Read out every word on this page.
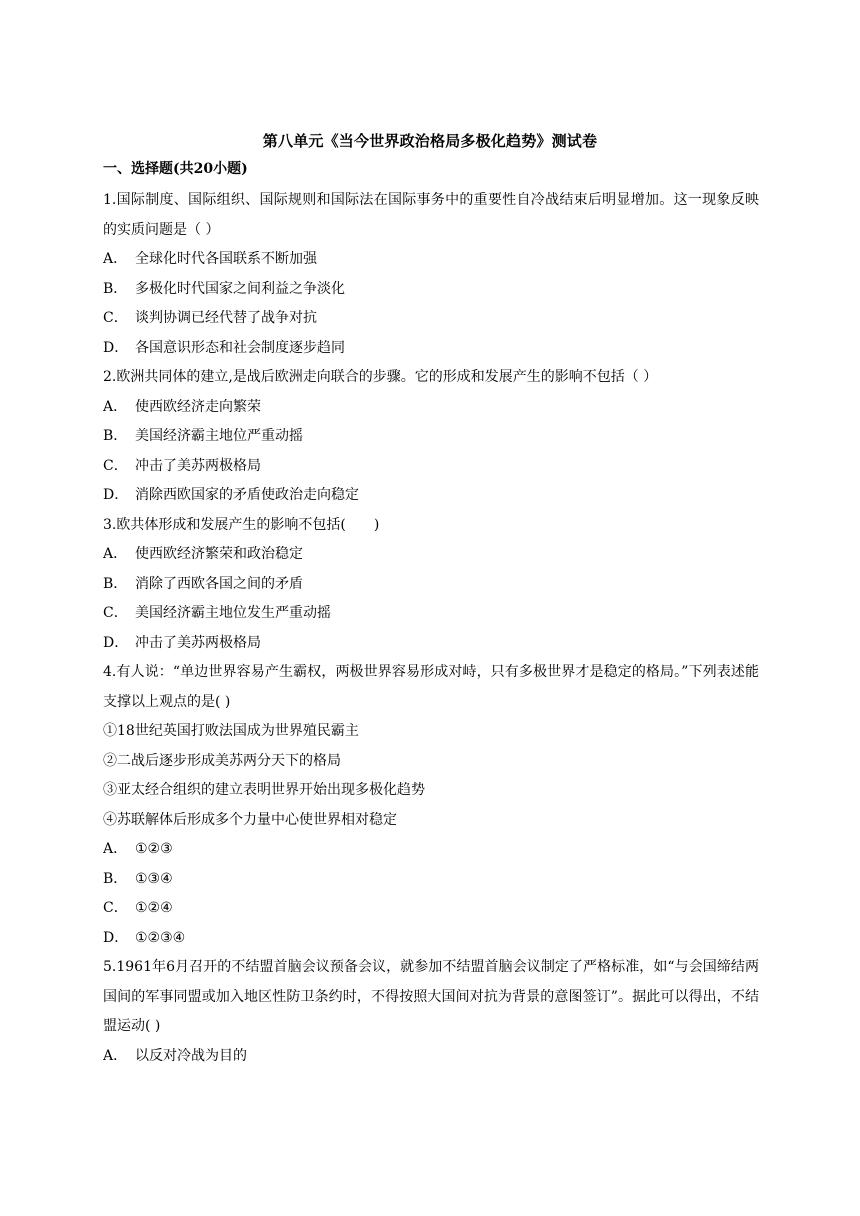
第八单元《当今世界政治格局多极化趋势》测试卷
一、选择题(共20小题)
1.国际制度、国际组织、国际规则和国际法在国际事务中的重要性自冷战结束后明显增加。这一现象反映的实质问题是（ ）
A． 全球化时代各国联系不断加强
B． 多极化时代国家之间利益之争淡化
C． 谈判协调已经代替了战争对抗
D． 各国意识形态和社会制度逐步趋同
2.欧洲共同体的建立,是战后欧洲走向联合的步骤。它的形成和发展产生的影响不包括（ ）
A． 使西欧经济走向繁荣
B． 美国经济霸主地位严重动摇
C． 冲击了美苏两极格局
D． 消除西欧国家的矛盾使政治走向稳定
3.欧共体形成和发展产生的影响不包括(　　)
A． 使西欧经济繁荣和政治稳定
B． 消除了西欧各国之间的矛盾
C． 美国经济霸主地位发生严重动摇
D． 冲击了美苏两极格局
4.有人说：“单边世界容易产生霸权，两极世界容易形成对峙，只有多极世界才是稳定的格局。”下列表述能支撑以上观点的是( )
①18世纪英国打败法国成为世界殖民霸主
②二战后逐步形成美苏两分天下的格局
③亚太经合组织的建立表明世界开始出现多极化趋势
④苏联解体后形成多个力量中心使世界相对稳定
A． ①②③
B． ①③④
C． ①②④
D． ①②③④
5.1961年6月召开的不结盟首脑会议预备会议，就参加不结盟首脑会议制定了严格标准，如“与会国缔结两国间的军事同盟或加入地区性防卫条约时，不得按照大国间对抗为背景的意图签订”。据此可以得出，不结盟运动( )
A． 以反对冷战为目的
